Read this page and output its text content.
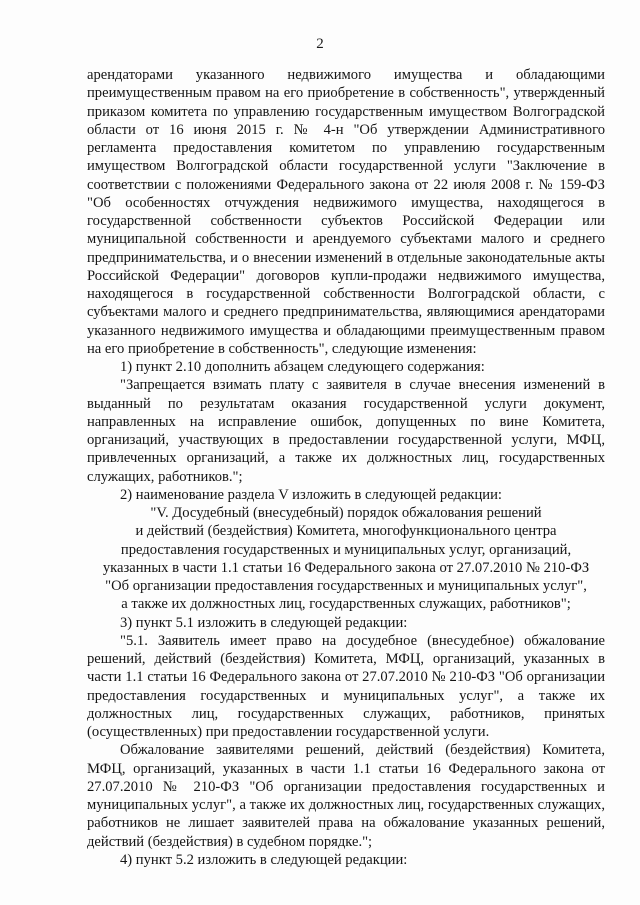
2

арендаторами указанного недвижимого имущества и обладающими преимущественным правом на его приобретение в собственность", утвержденный приказом комитета по управлению государственным имуществом Волгоградской области от 16 июня 2015 г. № 4-н "Об утверждении Административного регламента предоставления комитетом по управлению государственным имуществом Волгоградской области государственной услуги "Заключение в соответствии с положениями Федерального закона от 22 июля 2008 г. № 159-ФЗ "Об особенностях отчуждения недвижимого имущества, находящегося в государственной собственности субъектов Российской Федерации или муниципальной собственности и арендуемого субъектами малого и среднего предпринимательства, и о внесении изменений в отдельные законодательные акты Российской Федерации" договоров купли-продажи недвижимого имущества, находящегося в государственной собственности Волгоградской области, с субъектами малого и среднего предпринимательства, являющимися арендаторами указанного недвижимого имущества и обладающими преимущественным правом на его приобретение в собственность", следующие изменения:

1) пункт 2.10 дополнить абзацем следующего содержания:

"Запрещается взимать плату с заявителя в случае внесения изменений в выданный по результатам оказания государственной услуги документ, направленных на исправление ошибок, допущенных по вине Комитета, организаций, участвующих в предоставлении государственной услуги, МФЦ, привлеченных организаций, а также их должностных лиц, государственных служащих, работников.";

2) наименование раздела V изложить в следующей редакции:

"V. Досудебный (внесудебный) порядок обжалования решений

и действий (бездействия) Комитета, многофункционального центра

предоставления государственных и муниципальных услуг, организаций,

указанных в части 1.1 статьи 16 Федерального закона от 27.07.2010 № 210-ФЗ

"Об организации предоставления государственных и муниципальных услуг",

а также их должностных лиц, государственных служащих, работников";

3) пункт 5.1 изложить в следующей редакции:

"5.1. Заявитель имеет право на досудебное (внесудебное) обжалование решений, действий (бездействия) Комитета, МФЦ, организаций, указанных в части 1.1 статьи 16 Федерального закона от 27.07.2010 № 210-ФЗ "Об организации предоставления государственных и муниципальных услуг", а также их должностных лиц, государственных служащих, работников, принятых (осуществленных) при предоставлении государственной услуги.

Обжалование заявителями решений, действий (бездействия) Комитета, МФЦ, организаций, указанных в части 1.1 статьи 16 Федерального закона от 27.07.2010 № 210-ФЗ "Об организации предоставления государственных и муниципальных услуг", а также их должностных лиц, государственных служащих, работников не лишает заявителей права на обжалование указанных решений, действий (бездействия) в судебном порядке.";

4) пункт 5.2 изложить в следующей редакции:
